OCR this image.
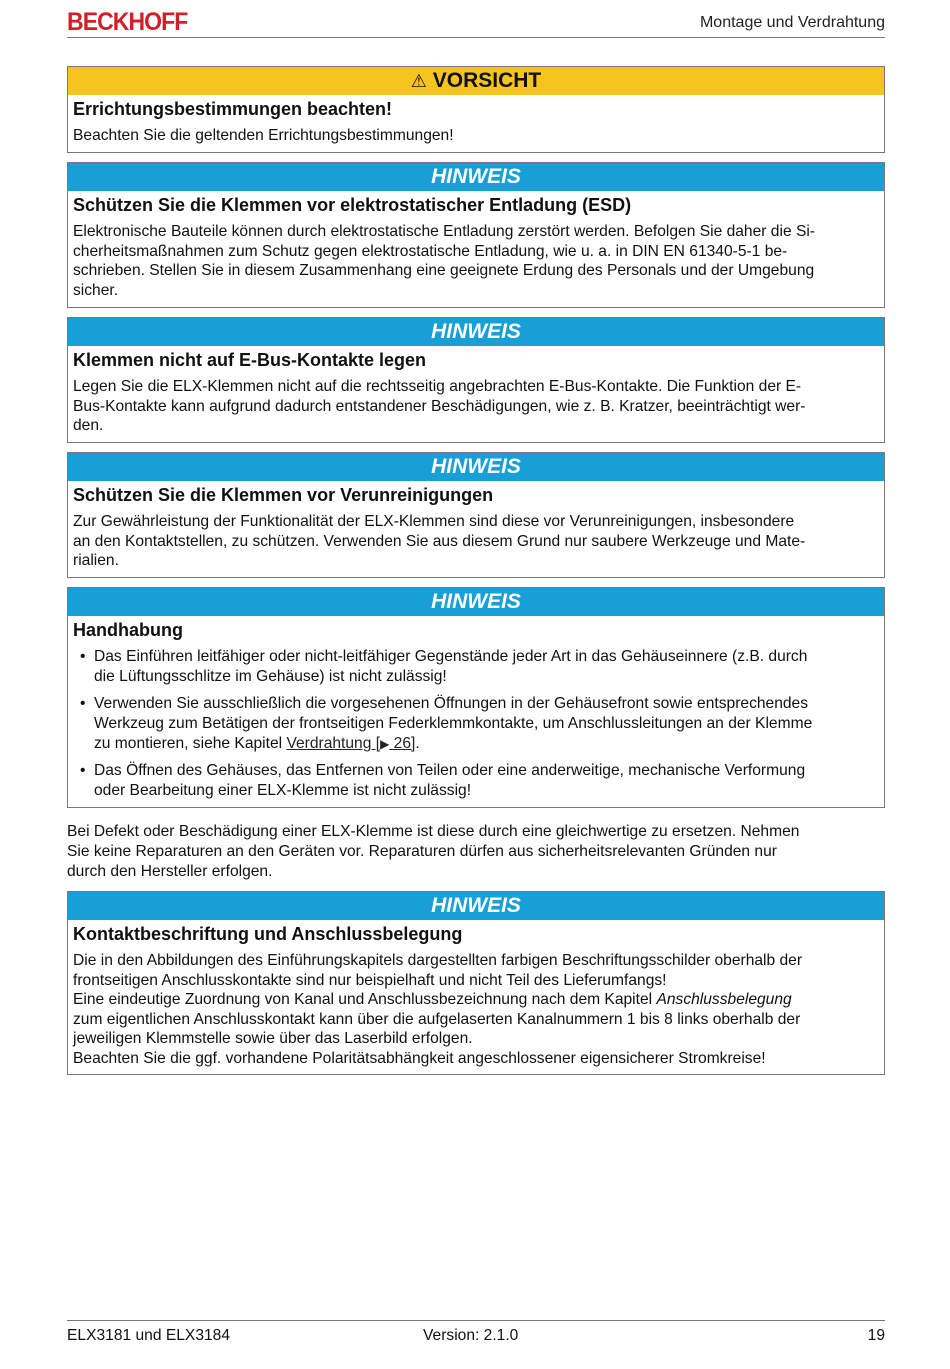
BECKHOFF	Montage und Verdrahtung
⚠ VORSICHT
Errichtungsbestimmungen beachten!
Beachten Sie die geltenden Errichtungsbestimmungen!
HINWEIS
Schützen Sie die Klemmen vor elektrostatischer Entladung (ESD)
Elektronische Bauteile können durch elektrostatische Entladung zerstört werden. Befolgen Sie daher die Si-
cherheitsmaßnahmen zum Schutz gegen elektrostatische Entladung, wie u. a. in DIN EN 61340-5-1 be-
schrieben. Stellen Sie in diesem Zusammenhang eine geeignete Erdung des Personals und der Umgebung
sicher.
HINWEIS
Klemmen nicht auf E-Bus-Kontakte legen
Legen Sie die ELX-Klemmen nicht auf die rechtsseitig angebrachten E-Bus-Kontakte. Die Funktion der E-
Bus-Kontakte kann aufgrund dadurch entstandener Beschädigungen, wie z. B. Kratzer, beeinträchtigt wer-
den.
HINWEIS
Schützen Sie die Klemmen vor Verunreinigungen
Zur Gewährleistung der Funktionalität der ELX-Klemmen sind diese vor Verunreinigungen, insbesondere
an den Kontaktstellen, zu schützen. Verwenden Sie aus diesem Grund nur saubere Werkzeuge und Mate-
rialien.
HINWEIS
Handhabung
• Das Einführen leitfähiger oder nicht-leitfähiger Gegenstände jeder Art in das Gehäuseinnere (z.B. durch
die Lüftungsschlitze im Gehäuse) ist nicht zulässig!
• Verwenden Sie ausschließlich die vorgesehenen Öffnungen in der Gehäusefront sowie entsprechendes
Werkzeug zum Betätigen der frontseitigen Federklemmkontakte, um Anschlussleitungen an der Klemme
zu montieren, siehe Kapitel Verdrahtung [▶ 26].
• Das Öffnen des Gehäuses, das Entfernen von Teilen oder eine anderweitige, mechanische Verformung
oder Bearbeitung einer ELX-Klemme ist nicht zulässig!
Bei Defekt oder Beschädigung einer ELX-Klemme ist diese durch eine gleichwertige zu ersetzen. Nehmen
Sie keine Reparaturen an den Geräten vor. Reparaturen dürfen aus sicherheitsrelevanten Gründen nur
durch den Hersteller erfolgen.
HINWEIS
Kontaktbeschriftung und Anschlussbelegung
Die in den Abbildungen des Einführungskapitels dargestellten farbigen Beschriftungsschilder oberhalb der
frontseitigen Anschlusskontakte sind nur beispielhaft und nicht Teil des Lieferumfangs!
Eine eindeutige Zuordnung von Kanal und Anschlussbezeichnung nach dem Kapitel Anschlussbelegung
zum eigentlichen Anschlusskontakt kann über die aufgelaserten Kanalnummern 1 bis 8 links oberhalb der
jeweiligen Klemmstelle sowie über das Laserbild erfolgen.
Beachten Sie die ggf. vorhandene Polaritätsabhängkeit angeschlossener eigensicherer Stromkreise!
ELX3181 und ELX3184	Version: 2.1.0	19
